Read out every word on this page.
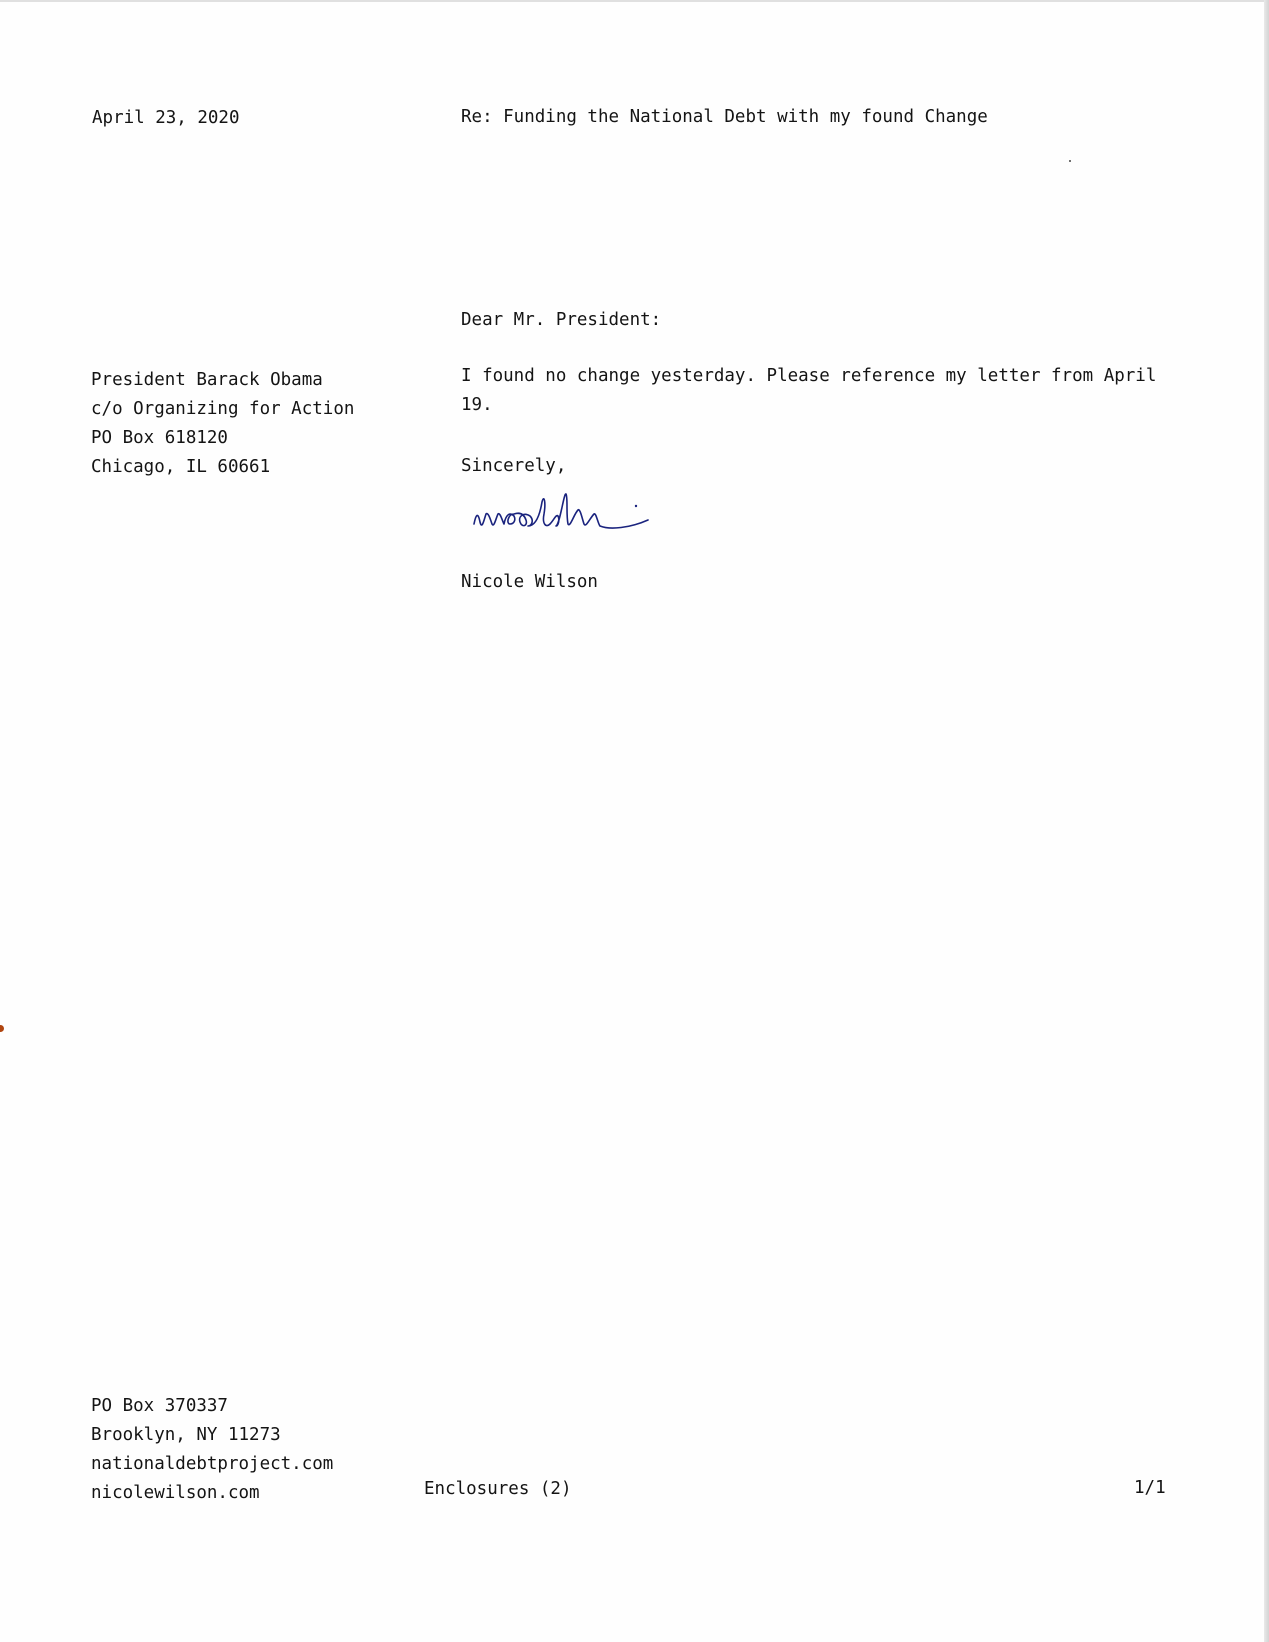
April 23, 2020	Re: Funding the National Debt with my found Change
Dear Mr. President:
President Barack Obama
c/o Organizing for Action
PO Box 618120
Chicago, IL 60661
I found no change yesterday. Please reference my letter from April 19.
Sincerely,
Nicole Wilson
PO Box 370337
Brooklyn, NY 11273
nationaldebtproject.com
nicolewilson.com	Enclosures (2)	1/1
